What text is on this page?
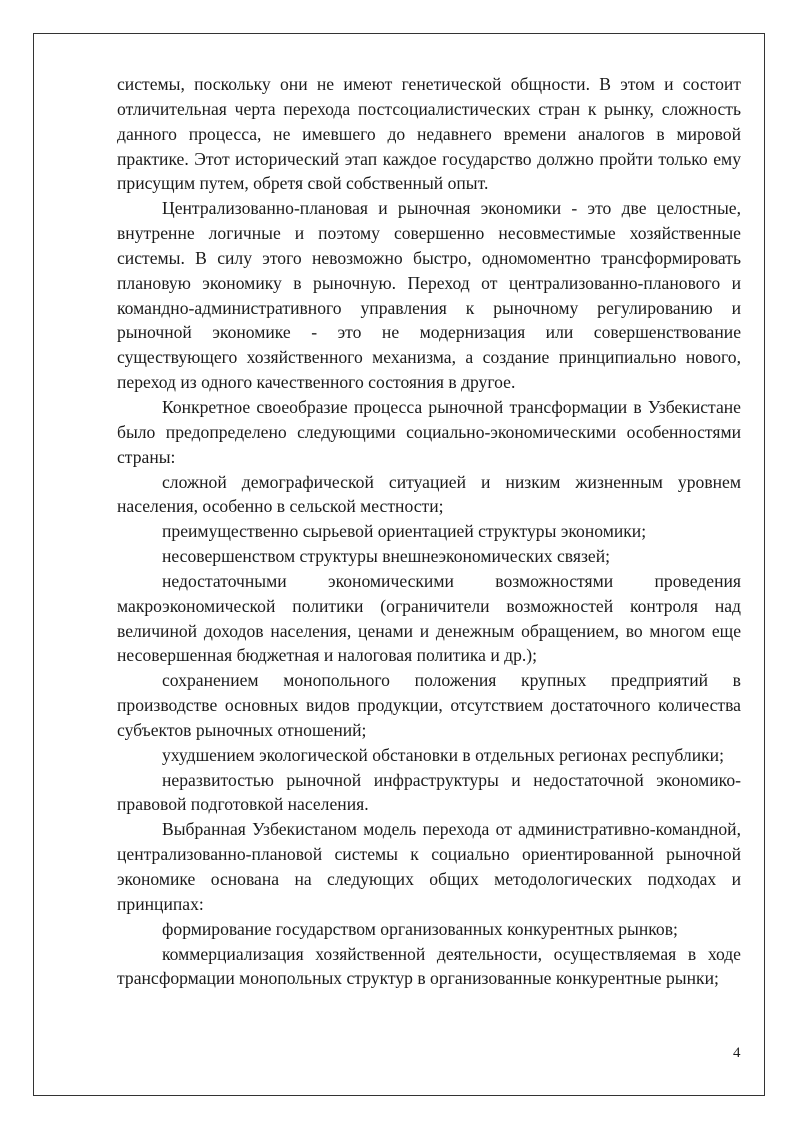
системы, поскольку они не имеют генетической общности. В этом и состоит отличительная черта перехода постсоциалистических стран к рынку, сложность данного процесса, не имевшего до недавнего времени аналогов в мировой практике. Этот исторический этап каждое государство должно пройти только ему присущим путем, обретя свой собственный опыт.

Централизованно-плановая и рыночная экономики - это две целостные, внутренне логичные и поэтому совершенно несовместимые хозяйственные системы. В силу этого невозможно быстро, одномоментно трансформировать плановую экономику в рыночную. Переход от централизованно-планового и командно-административного управления к рыночному регулированию и рыночной экономике - это не модернизация или совершенствование существующего хозяйственного механизма, а создание принципиально нового, переход из одного качественного состояния в другое.

Конкретное своеобразие процесса рыночной трансформации в Узбекистане было предопределено следующими социально-экономическими особенностями страны:

сложной демографической ситуацией и низким жизненным уровнем населения, особенно в сельской местности;

преимущественно сырьевой ориентацией структуры экономики;

несовершенством структуры внешнеэкономических связей;

недостаточными экономическими возможностями проведения макроэкономической политики (ограничители возможностей контроля над величиной доходов населения, ценами и денежным обращением, во многом еще несовершенная бюджетная и налоговая политика и др.);

сохранением монопольного положения крупных предприятий в производстве основных видов продукции, отсутствием достаточного количества субъектов рыночных отношений;

ухудшением экологической обстановки в отдельных регионах республики;

неразвитостью рыночной инфраструктуры и недостаточной экономико-правовой подготовкой населения.

Выбранная Узбекистаном модель перехода от административно-командной, централизованно-плановой системы к социально ориентированной рыночной экономике основана на следующих общих методологических подходах и принципах:

формирование государством организованных конкурентных рынков;

коммерциализация хозяйственной деятельности, осуществляемая в ходе трансформации монопольных структур в организованные конкурентные рынки;

4
